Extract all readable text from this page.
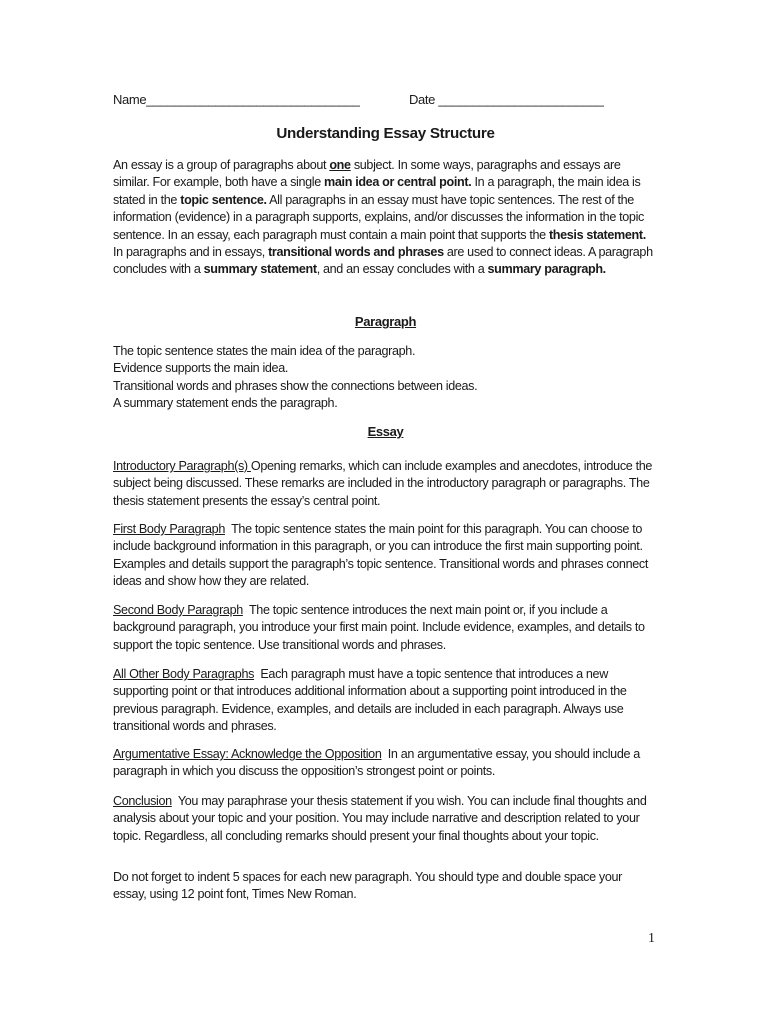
Name_______________________________	Date ________________________
Understanding Essay Structure

An essay is a group of paragraphs about one subject. In some ways, paragraphs and essays are similar. For example, both have a single main idea or central point. In a paragraph, the main idea is stated in the topic sentence. All paragraphs in an essay must have topic sentences. The rest of the information (evidence) in a paragraph supports, explains, and/or discusses the information in the topic sentence. In an essay, each paragraph must contain a main point that supports the thesis statement. In paragraphs and in essays, transitional words and phrases are used to connect ideas. A paragraph concludes with a summary statement, and an essay concludes with a summary paragraph.

Paragraph
The topic sentence states the main idea of the paragraph.
Evidence supports the main idea.
Transitional words and phrases show the connections between ideas.
A summary statement ends the paragraph.
Essay

Introductory Paragraph(s) Opening remarks, which can include examples and anecdotes, introduce the subject being discussed. These remarks are included in the introductory paragraph or paragraphs. The thesis statement presents the essay’s central point.

First Body Paragraph  The topic sentence states the main point for this paragraph. You can choose to include background information in this paragraph, or you can introduce the first main supporting point. Examples and details support the paragraph’s topic sentence. Transitional words and phrases connect ideas and show how they are related.

Second Body Paragraph  The topic sentence introduces the next main point or, if you include a background paragraph, you introduce your first main point. Include evidence, examples, and details to support the topic sentence. Use transitional words and phrases.

All Other Body Paragraphs  Each paragraph must have a topic sentence that introduces a new supporting point or that introduces additional information about a supporting point introduced in the previous paragraph. Evidence, examples, and details are included in each paragraph. Always use transitional words and phrases.

Argumentative Essay: Acknowledge the Opposition  In an argumentative essay, you should include a paragraph in which you discuss the opposition’s strongest point or points.

Conclusion  You may paraphrase your thesis statement if you wish. You can include final thoughts and analysis about your topic and your position. You may include narrative and description related to your topic. Regardless, all concluding remarks should present your final thoughts about your topic.

Do not forget to indent 5 spaces for each new paragraph. You should type and double space your essay, using 12 point font, Times New Roman.

1
